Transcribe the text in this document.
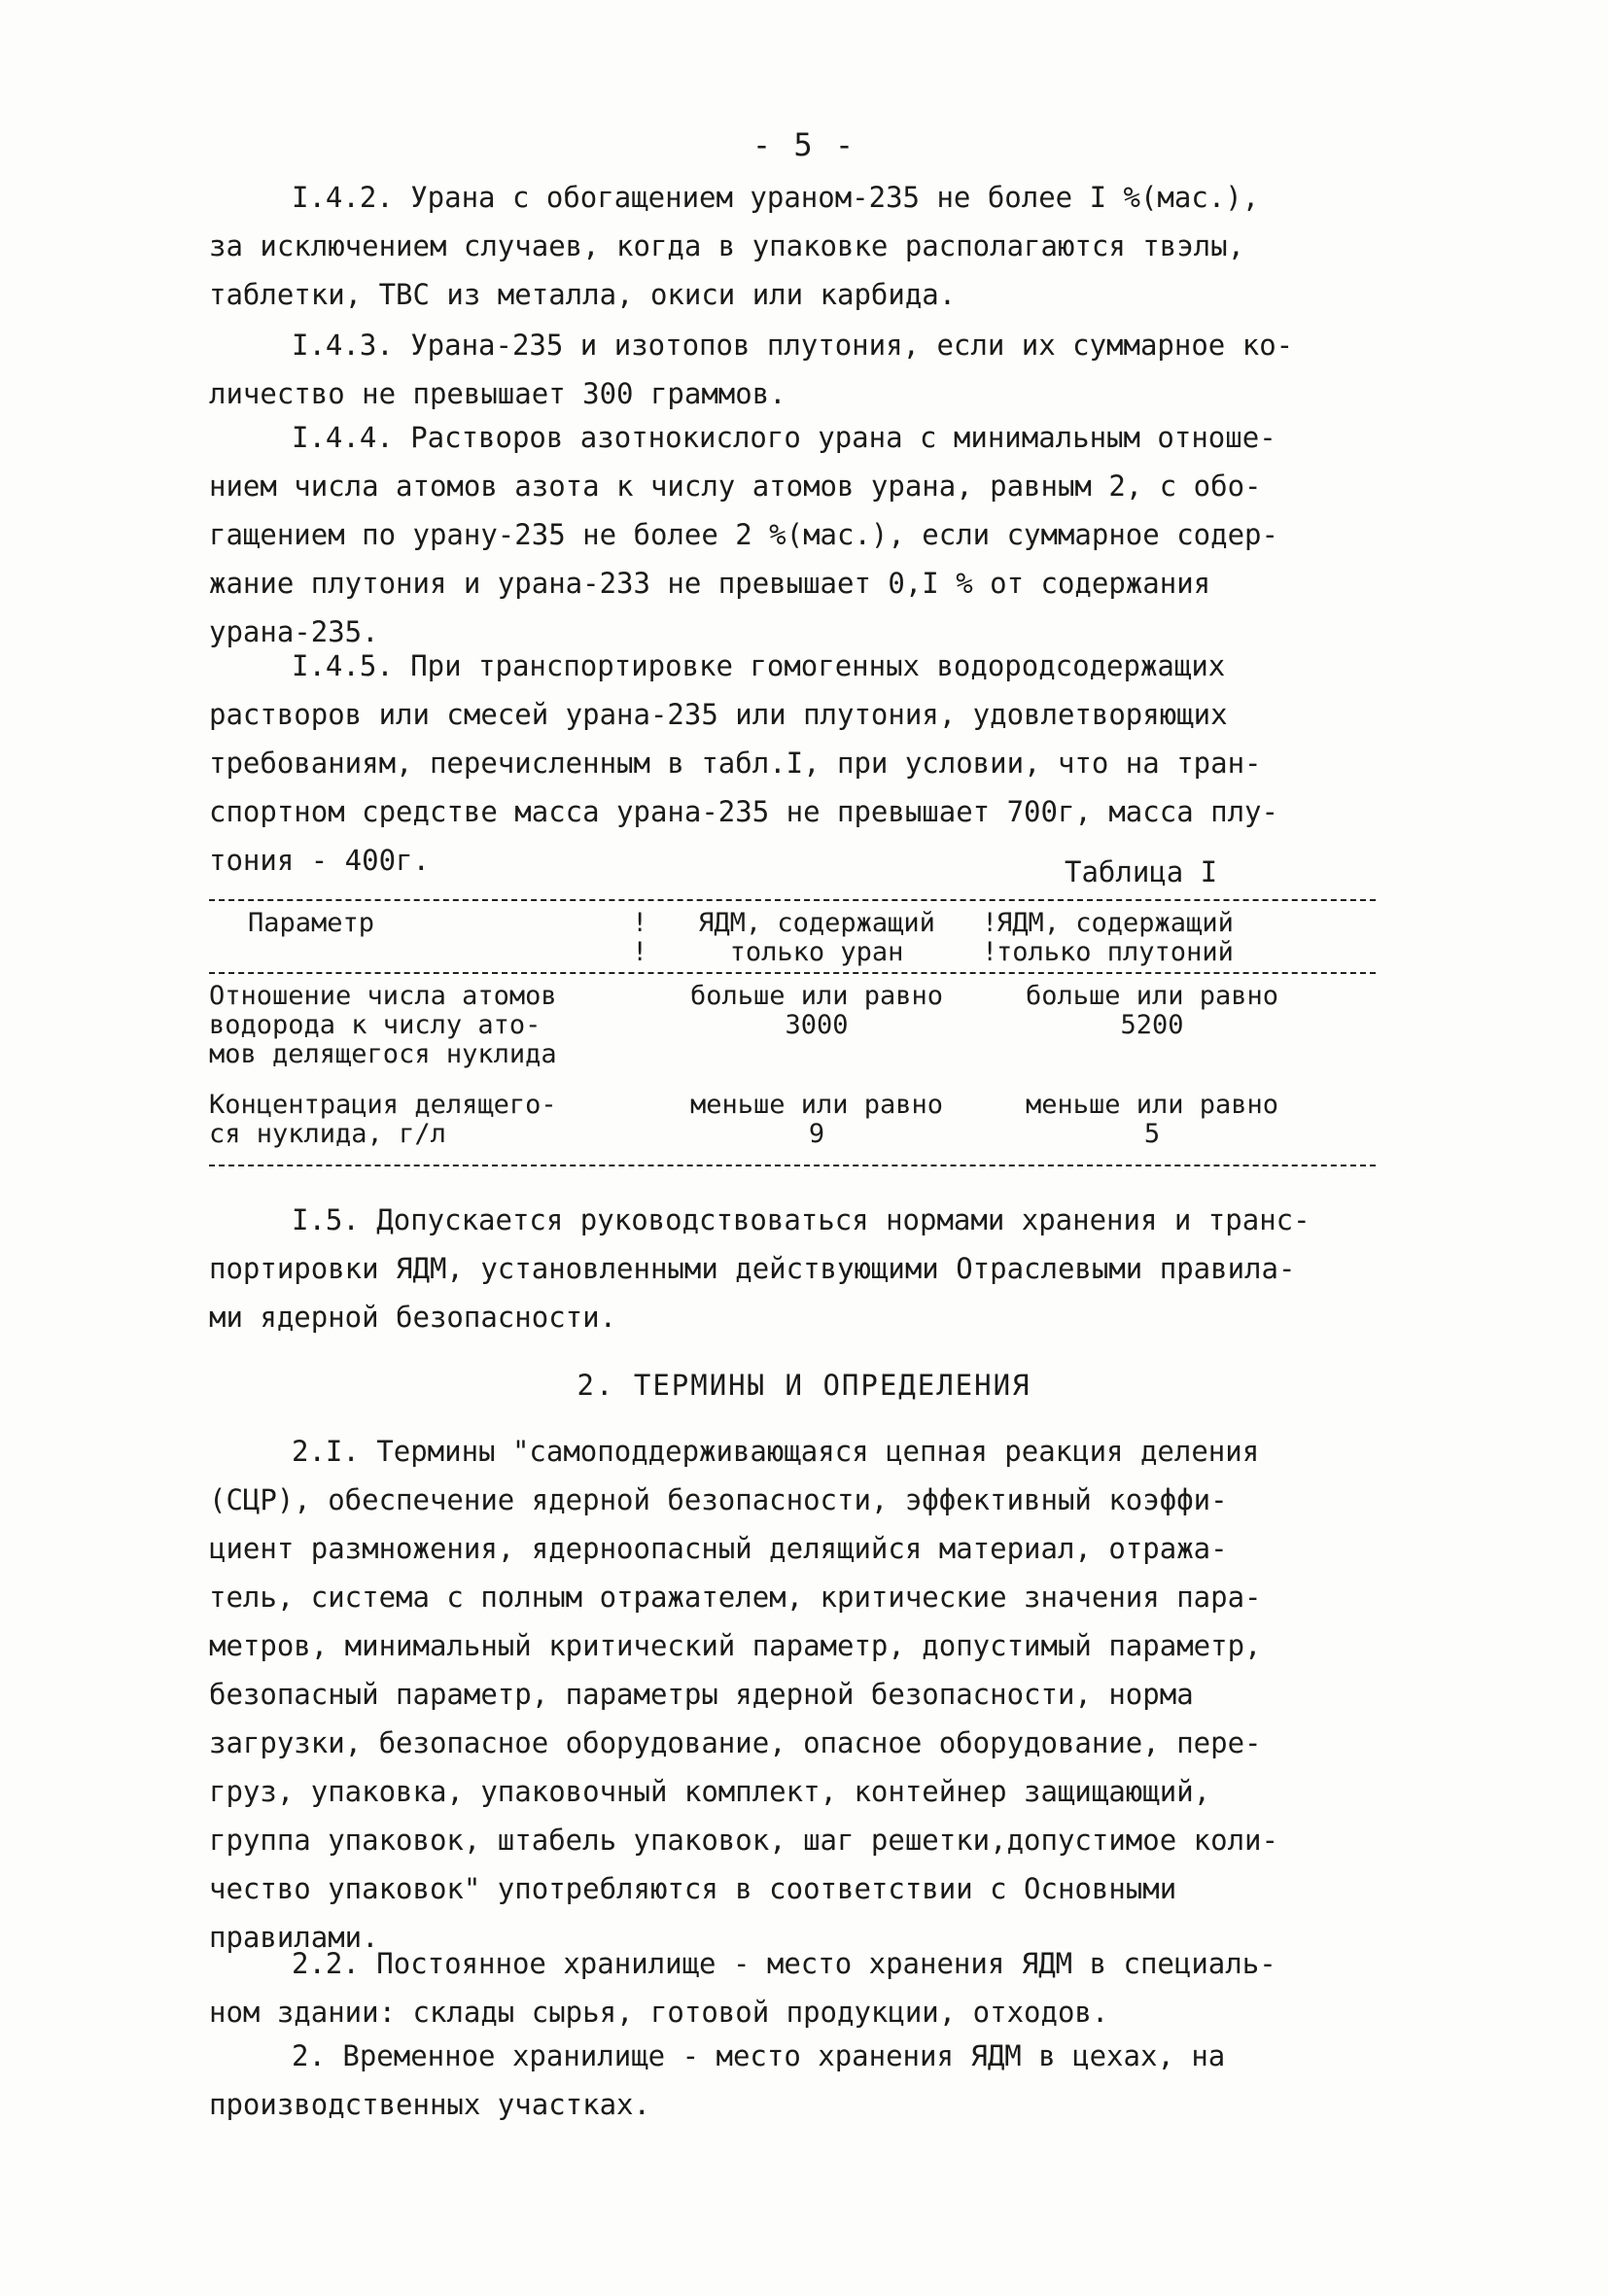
- 5 -
I.4.2. Урана с обогащением ураном-235 не более I %(мас.),
за исключением случаев, когда в упаковке располагаются твэлы,
таблетки, ТВС из металла, окиси или карбида.
I.4.3. Урана-235 и изотопов плутония, если их суммарное ко-
личество не превышает 300 граммов.
I.4.4. Растворов азотнокислого урана с минимальным отноше-
нием числа атомов азота к числу атомов урана, равным 2, с обо-
гащением по урану-235 не более 2 %(мас.), если суммарное содер-
жание плутония и урана-233 не превышает 0,I % от содержания
урана-235.
I.4.5. При транспортировке гомогенных водородсодержащих
растворов или смесей урана-235 или плутония, удовлетворяющих
требованиям, перечисленным в табл.I, при условии, что на тран-
спортном средстве масса урана-235 не превышает 700г, масса плу-
тония - 400г.	Таблица I
Параметр	ЯДМ, содержащий
только уран
ЯДМ, содержащий
только плутоний
!
!
!
!
Отношение числа атомов
водорода к числу ато-
мов делящегося нуклида
больше или равно
3000
больше или равно
5200
Концентрация делящего-
ся нуклида, г/л
меньше или равно
9
меньше или равно
5
I.5. Допускается руководствоваться нормами хранения и транс-
портировки ЯДМ, установленными действующими Отраслевыми правила-
ми ядерной безопасности.
2. ТЕРМИНЫ И ОПРЕДЕЛЕНИЯ
2.I. Термины "самоподдерживающаяся цепная реакция деления
(СЦР), обеспечение ядерной безопасности, эффективный коэффи-
циент размножения, ядерноопасный делящийся материал, отража-
тель, система с полным отражателем, критические значения пара-
метров, минимальный критический параметр, допустимый параметр,
безопасный параметр, параметры ядерной безопасности, норма
загрузки, безопасное оборудование, опасное оборудование, пере-
груз, упаковка, упаковочный комплект, контейнер защищающий,
группа упаковок, штабель упаковок, шаг решетки,допустимое коли-
чество упаковок" употребляются в соответствии с Основными
правилами.
2.2. Постоянное хранилище - место хранения ЯДМ в специаль-
ном здании: склады сырья, готовой продукции, отходов.
2. Временное хранилище - место хранения ЯДМ в цехах, на
производственных участках.
